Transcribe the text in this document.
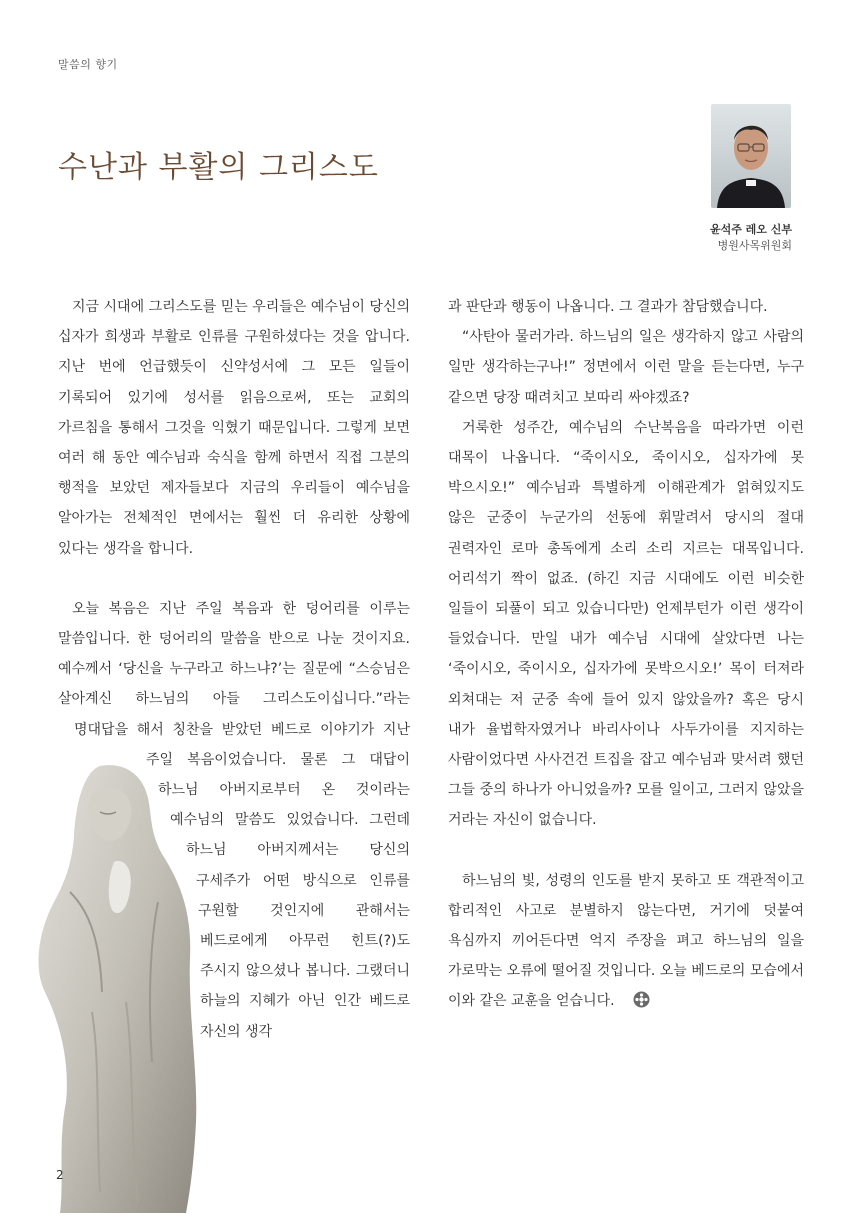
말씀의 향기
수난과 부활의 그리스도
윤석주 레오 신부
병원사목위원회

지금 시대에 그리스도를 믿는 우리들은 예수님이 당신의 십자가 희생과 부활로 인류를 구원하셨다는 것을 압니다. 지난 번에 언급했듯이 신약성서에 그 모든 일들이 기록되어 있기에 성서를 읽음으로써, 또는 교회의 가르침을 통해서 그것을 익혔기 때문입니다. 그렇게 보면 여러 해 동안 예수님과 숙식을 함께 하면서 직접 그분의 행적을 보았던 제자들보다 지금의 우리들이 예수님을 알아가는 전체적인 면에서는 훨씬 더 유리한 상황에 있다는 생각을 합니다.

오늘 복음은 지난 주일 복음과 한 덩어리를 이루는 말씀입니다. 한 덩어리의 말씀을 반으로 나눈 것이지요. 예수께서 ‘당신을 누구라고 하느냐?’는 질문에 “스승님은 살아계신 하느님의 아들 그리스도이십니다.”라는 명대답을 해서 칭찬을 받았던 베드로 이야기가 지난 주일 복음이었습니다. 물론 그 대답이 하느님 아버지로부터 온 것이라는 예수님의 말씀도 있었습니다. 그런데 하느님 아버지께서는 당신의 구세주가 어떤 방식으로 인류를 구원할 것인지에 관해서는 베드로에게 아무런 힌트(?)도 주시지 않으셨나 봅니다. 그랬더니 하늘의 지혜가 아닌 인간 베드로 자신의 생각

과 판단과 행동이 나옵니다. 그 결과가 참담했습니다.

“사탄아 물러가라. 하느님의 일은 생각하지 않고 사람의 일만 생각하는구나!” 정면에서 이런 말을 듣는다면, 누구 같으면 당장 때려치고 보따리 싸야겠죠?

거룩한 성주간, 예수님의 수난복음을 따라가면 이런 대목이 나옵니다. “죽이시오, 죽이시오, 십자가에 못 박으시오!” 예수님과 특별하게 이해관계가 얽혀있지도 않은 군중이 누군가의 선동에 휘말려서 당시의 절대 권력자인 로마 총독에게 소리 소리 지르는 대목입니다. 어리석기 짝이 없죠. (하긴 지금 시대에도 이런 비슷한 일들이 되풀이 되고 있습니다만) 언제부턴가 이런 생각이 들었습니다. 만일 내가 예수님 시대에 살았다면 나는 ‘죽이시오, 죽이시오, 십자가에 못박으시오!’ 목이 터져라 외쳐대는 저 군중 속에 들어 있지 않았을까? 혹은 당시 내가 율법학자였거나 바리사이나 사두가이를 지지하는 사람이었다면 사사건건 트집을 잡고 예수님과 맞서려 했던 그들 중의 하나가 아니었을까? 모를 일이고, 그러지 않았을 거라는 자신이 없습니다.

하느님의 빛, 성령의 인도를 받지 못하고 또 객관적이고 합리적인 사고로 분별하지 않는다면, 거기에 덧붙여 욕심까지 끼어든다면 억지 주장을 펴고 하느님의 일을 가로막는 오류에 떨어질 것입니다. 오늘 베드로의 모습에서 이와 같은 교훈을 얻습니다.

2
